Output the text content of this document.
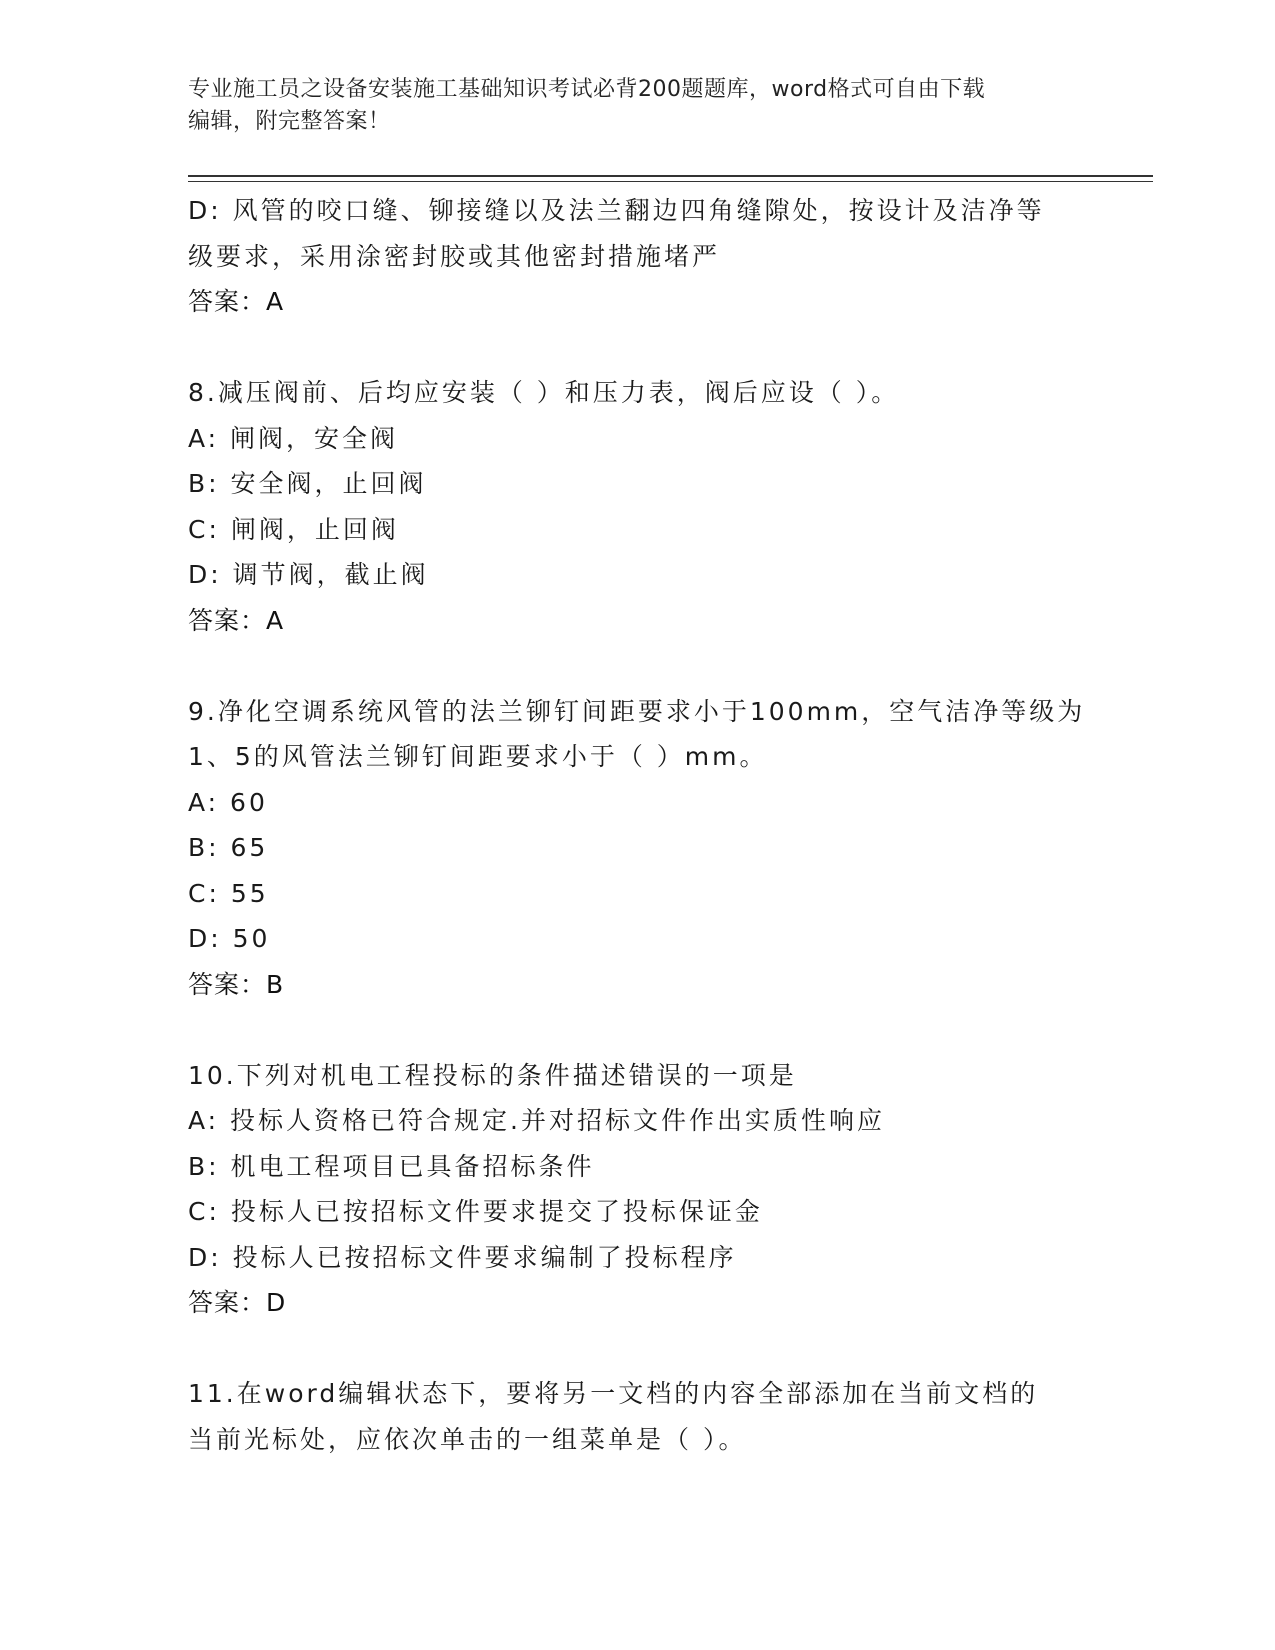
专业施工员之设备安装施工基础知识考试必背200题题库，word格式可自由下载
编辑，附完整答案！
D: 风管的咬口缝、铆接缝以及法兰翻边四角缝隙处，按设计及洁净等
级要求，采用涂密封胶或其他密封措施堵严
答案：A
8.减压阀前、后均应安装（ ）和压力表，阀后应设（ ）。
A: 闸阀，安全阀
B: 安全阀，止回阀
C: 闸阀，止回阀
D: 调节阀，截止阀
答案：A
9.净化空调系统风管的法兰铆钉间距要求小于100mm，空气洁净等级为
1、5的风管法兰铆钉间距要求小于（ ）mm。
A: 60
B: 65
C: 55
D: 50
答案：B
10.下列对机电工程投标的条件描述错误的一项是
A: 投标人资格已符合规定.并对招标文件作出实质性响应
B: 机电工程项目已具备招标条件
C: 投标人已按招标文件要求提交了投标保证金
D: 投标人已按招标文件要求编制了投标程序
答案：D
11.在word编辑状态下，要将另一文档的内容全部添加在当前文档的
当前光标处，应依次单击的一组菜单是（ ）。
